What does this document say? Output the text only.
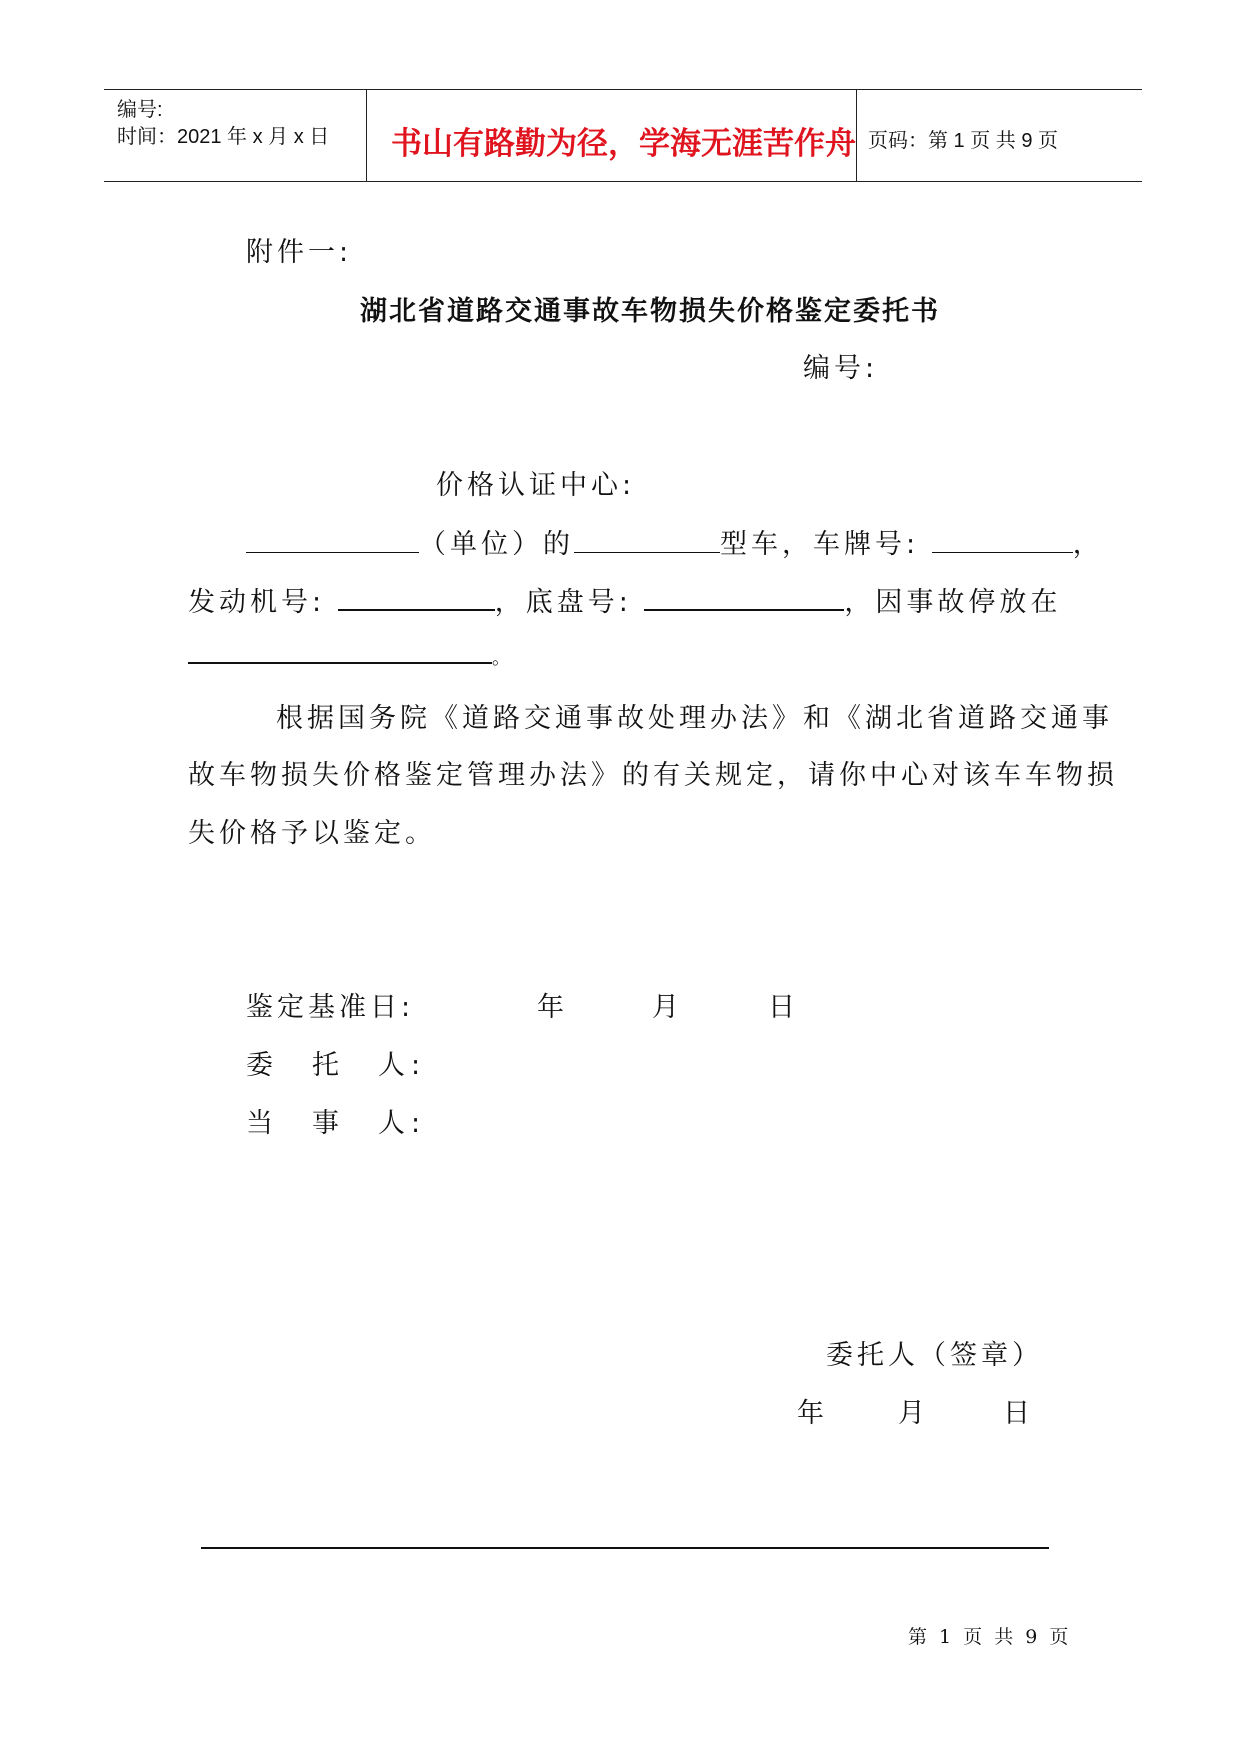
编号:
时间：2021 年 x 月 x 日 书山有路勤为径，学海无涯苦作舟 页码：第 1 页 共 9 页
附件一:
湖北省道路交通事故车物损失价格鉴定委托书
编号:
价格认证中心:
（单位）的	型车，车牌号:	，
发动机号:	，底盘号:	，因事故停放在
。
根据国务院《道路交通事故处理办法》和《湖北省道路交通事
故车物损失价格鉴定管理办法》的有关规定，请你中心对该车车物损
失价格予以鉴定。
鉴定基准日:	年	月	日
委　托　人:
当　事　人:
委托人（签章）
年	月	日
第 1 页 共 9 页
